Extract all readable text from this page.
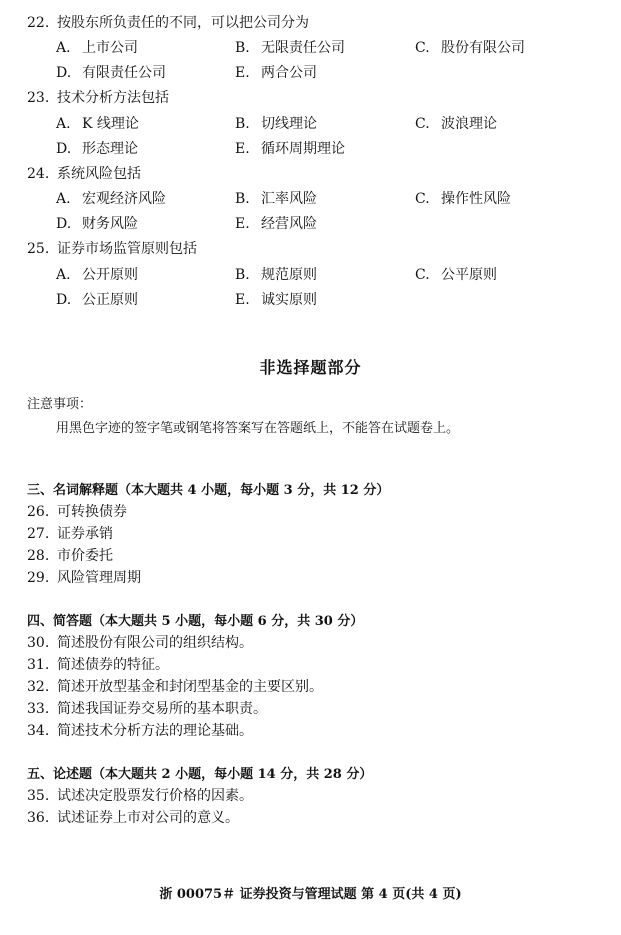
22. 按股东所负责任的不同，可以把公司分为
A. 上市公司	B. 无限责任公司	C. 股份有限公司
D. 有限责任公司	E. 两合公司
23. 技术分析方法包括
A. K 线理论	B. 切线理论	C. 波浪理论
D. 形态理论	E. 循环周期理论
24. 系统风险包括
A. 宏观经济风险	B. 汇率风险	C. 操作性风险
D. 财务风险	E. 经营风险
25. 证券市场监管原则包括
A. 公开原则	B. 规范原则	C. 公平原则
D. 公正原则	E. 诚实原则
非选择题部分
注意事项：
用黑色字迹的签字笔或钢笔将答案写在答题纸上，不能答在试题卷上。
三、名词解释题（本大题共 4 小题，每小题 3 分，共 12 分）
26. 可转换债券
27. 证券承销
28. 市价委托
29. 风险管理周期
四、简答题（本大题共 5 小题，每小题 6 分，共 30 分）
30. 简述股份有限公司的组织结构。
31. 简述债券的特征。
32. 简述开放型基金和封闭型基金的主要区别。
33. 简述我国证券交易所的基本职责。
34. 简述技术分析方法的理论基础。
五、论述题（本大题共 2 小题，每小题 14 分，共 28 分）
35. 试述决定股票发行价格的因素。
36. 试述证券上市对公司的意义。
浙 00075＃ 证券投资与管理试题 第 4 页(共 4 页)
